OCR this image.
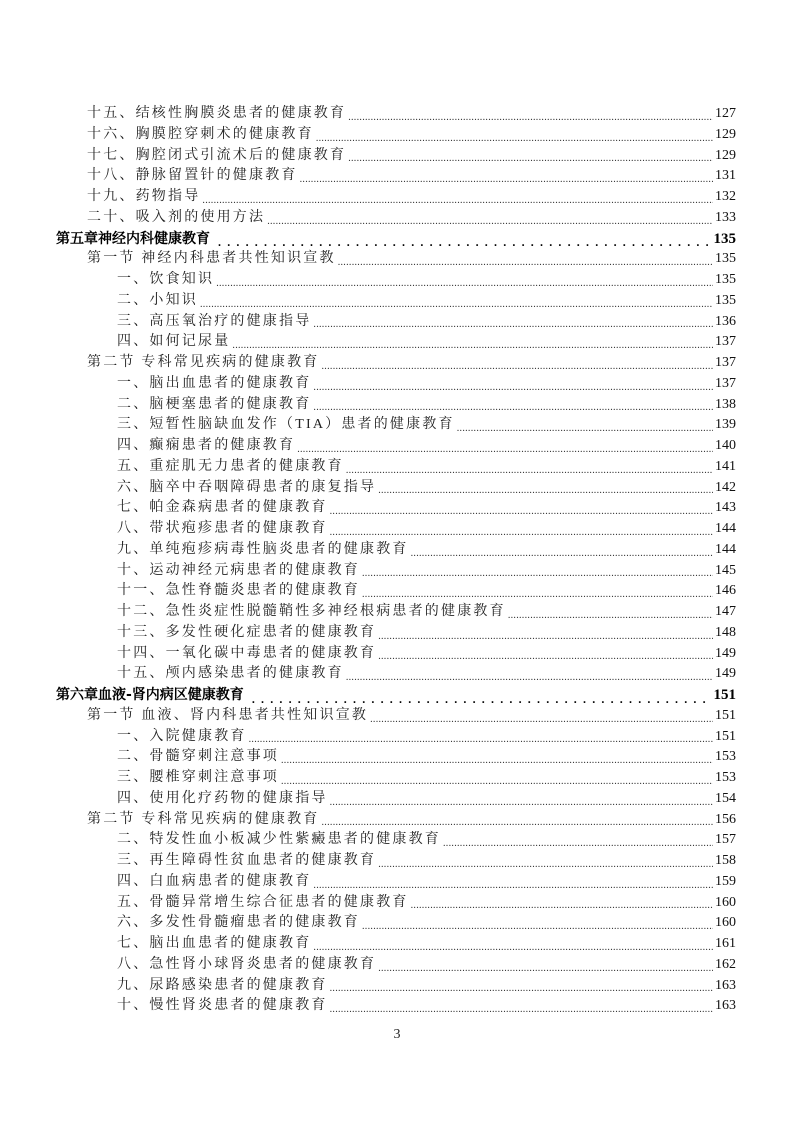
十五、结核性胸膜炎患者的健康教育 .....	127
十六、胸膜腔穿刺术的健康教育 .....	129
十七、胸腔闭式引流术后的健康教育 .....	129
十八、静脉留置针的健康教育 .....	131
十九、药物指导 .....	132
二十、吸入剂的使用方法 .....	133
第五章神经内科健康教育 . . .	135
第一节 神经内科患者共性知识宣教 .....	135
一、饮食知识 .....	135
二、小知识 .....	135
三、高压氧治疗的健康指导 .....	136
四、如何记尿量 .....	137
第二节 专科常见疾病的健康教育 .....	137
一、脑出血患者的健康教育 .....	137
二、脑梗塞患者的健康教育 .....	138
三、短暂性脑缺血发作（TIA）患者的健康教育 .....	139
四、癫痫患者的健康教育 .....	140
五、重症肌无力患者的健康教育 .....	141
六、脑卒中吞咽障碍患者的康复指导 .....	142
七、帕金森病患者的健康教育 .....	143
八、带状疱疹患者的健康教育 .....	144
九、单纯疱疹病毒性脑炎患者的健康教育 .....	144
十、运动神经元病患者的健康教育 .....	145
十一、急性脊髓炎患者的健康教育 .....	146
十二、急性炎症性脱髓鞘性多神经根病患者的健康教育 .....	147
十三、多发性硬化症患者的健康教育 .....	148
十四、一氧化碳中毒患者的健康教育 .....	149
十五、颅内感染患者的健康教育 .....	149
第六章血液-肾内病区健康教育 . . .	151
第一节 血液、肾内科患者共性知识宣教 .....	151
一、入院健康教育 .....	151
二、骨髓穿刺注意事项 .....	153
三、腰椎穿刺注意事项 .....	153
四、使用化疗药物的健康指导 .....	154
第二节 专科常见疾病的健康教育 .....	156
二、特发性血小板减少性紫癜患者的健康教育 .....	157
三、再生障碍性贫血患者的健康教育 .....	158
四、白血病患者的健康教育 .....	159
五、骨髓异常增生综合征患者的健康教育 .....	160
六、多发性骨髓瘤患者的健康教育 .....	160
七、脑出血患者的健康教育 .....	161
八、急性肾小球肾炎患者的健康教育 .....	162
九、尿路感染患者的健康教育 .....	163
十、慢性肾炎患者的健康教育 .....	163
3
